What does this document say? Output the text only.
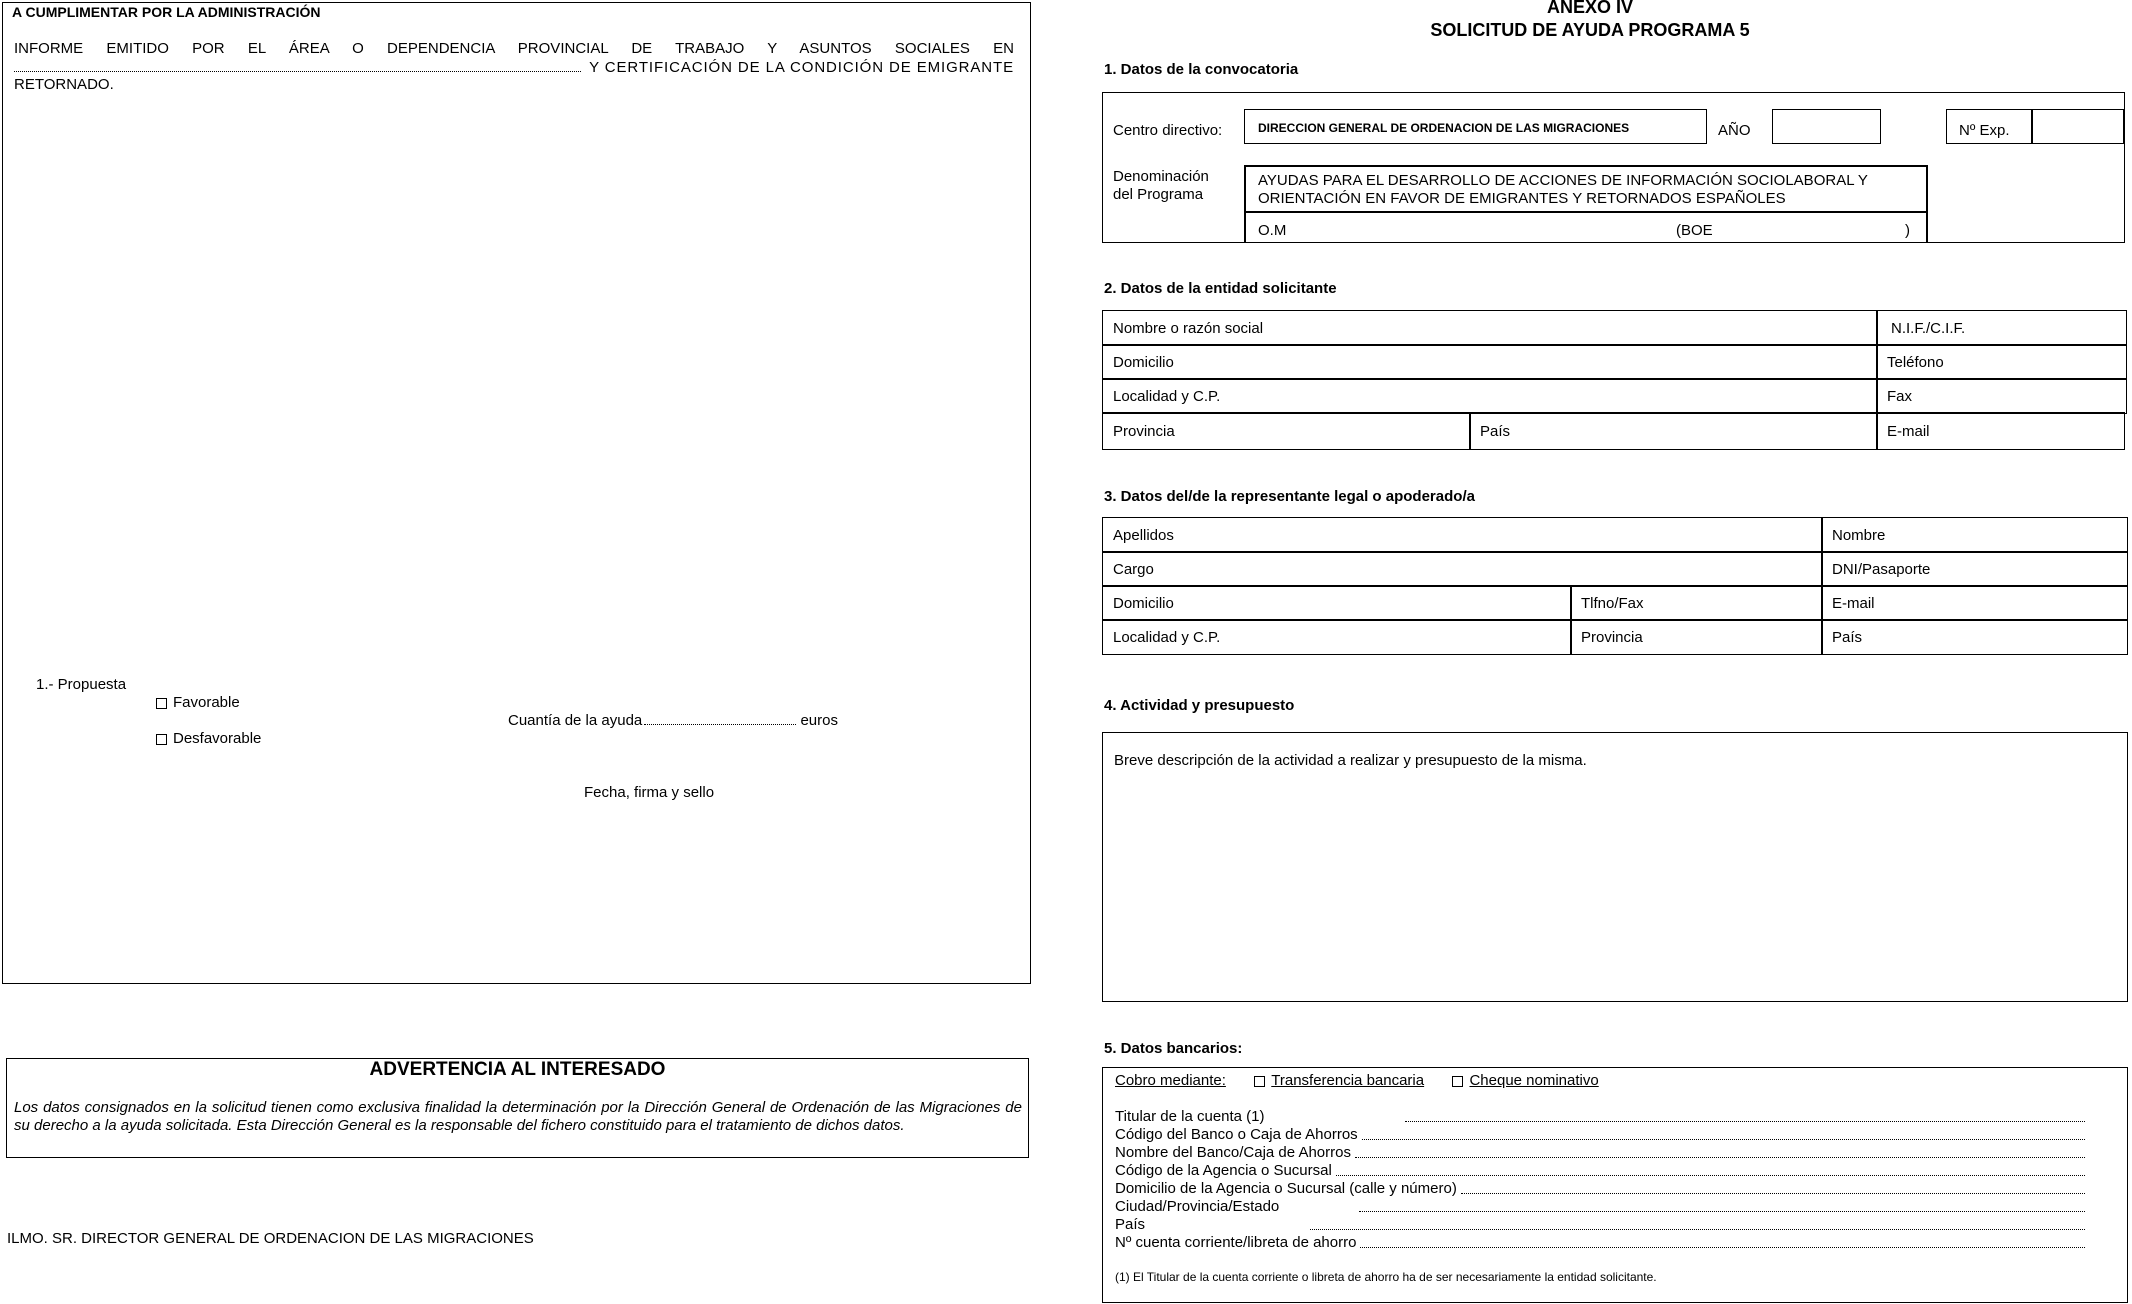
A CUMPLIMENTAR POR LA ADMINISTRACIÓN
INFORME EMITIDO POR EL ÁREA O DEPENDENCIA PROVINCIAL DE TRABAJO Y ASUNTOS SOCIALES EN
Y CERTIFICACIÓN DE LA CONDICIÓN DE EMIGRANTE
RETORNADO.
1.- Propuesta
Favorable
Desfavorable
Cuantía de la ayuda	euros
Fecha, firma y sello
ADVERTENCIA AL INTERESADO
Los datos consignados en la solicitud tienen como exclusiva finalidad la determinación por la Dirección General de Ordenación de las Migraciones de su derecho a la ayuda solicitada. Esta Dirección General es la responsable del fichero constituido para el tratamiento de dichos datos.
ILMO. SR. DIRECTOR GENERAL DE ORDENACION DE LAS MIGRACIONES
ANEXO IV
SOLICITUD DE AYUDA PROGRAMA 5
1. Datos de la convocatoria
Centro directivo:	DIRECCION GENERAL DE ORDENACION DE LAS MIGRACIONES	AÑO	Nº Exp.
Denominación
del Programa
AYUDAS PARA EL DESARROLLO DE ACCIONES DE INFORMACIÓN SOCIOLABORAL Y
ORIENTACIÓN EN FAVOR DE EMIGRANTES Y RETORNADOS ESPAÑOLES
O.M	(BOE	)
2. Datos de la entidad solicitante
Nombre o razón social	N.I.F./C.I.F.
Domicilio	Teléfono
Localidad y C.P.	Fax
Provincia	País	E-mail
3. Datos del/de la representante legal o apoderado/a
Apellidos	Nombre
Cargo	DNI/Pasaporte
Domicilio	Tlfno/Fax	E-mail
Localidad y C.P.	Provincia	País
4. Actividad y presupuesto
Breve descripción de la actividad a realizar y presupuesto de la misma.
5. Datos bancarios:
Cobro mediante:	Transferencia bancaria	Cheque nominativo
Titular de la cuenta (1)
Código del Banco o Caja de Ahorros
Nombre del Banco/Caja de Ahorros
Código de la Agencia o Sucursal
Domicilio de la Agencia o Sucursal (calle y número)
Ciudad/Provincia/Estado
País
Nº cuenta corriente/libreta de ahorro
(1) El Titular de la cuenta corriente o libreta de ahorro ha de ser necesariamente la entidad solicitante.
